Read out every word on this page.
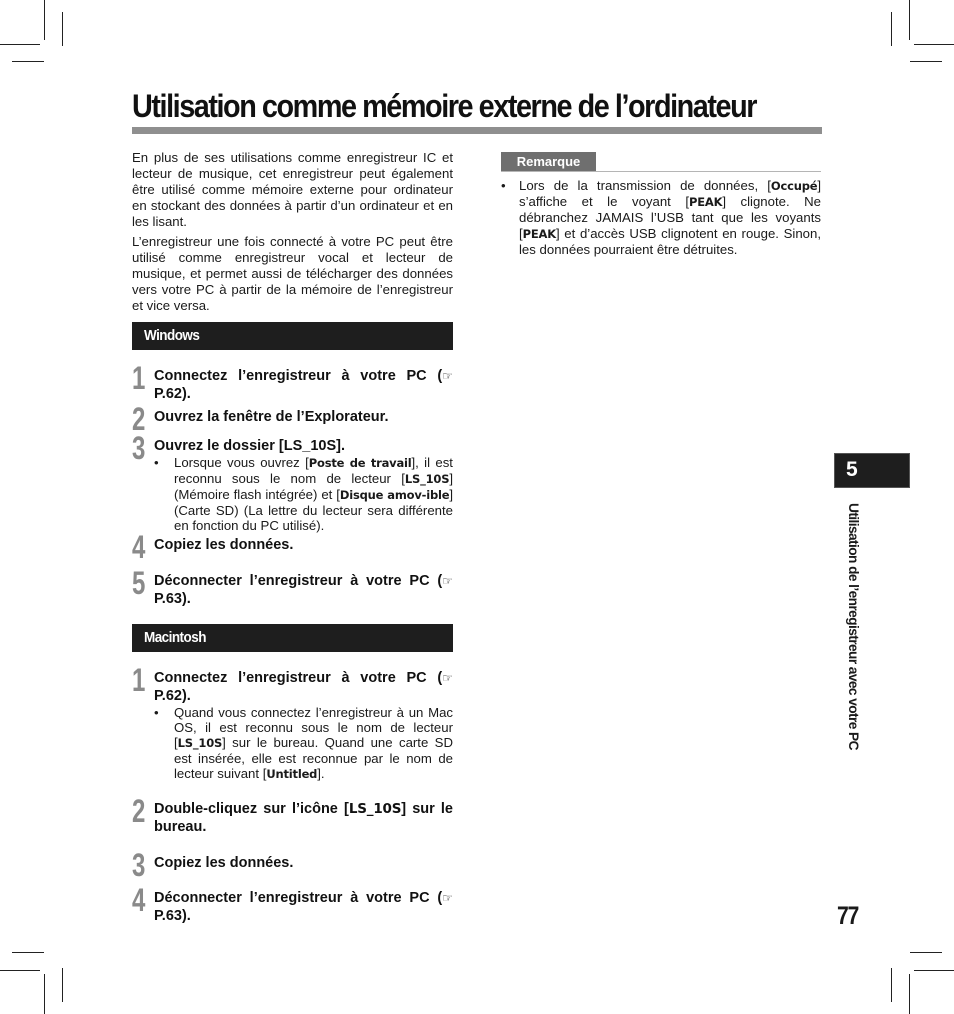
Utilisation comme mémoire externe de l’ordinateur

En plus de ses utilisations comme enregistreur IC et lecteur de musique, cet enregistreur peut également être utilisé comme mémoire externe pour ordinateur en stockant des données à partir d’un ordinateur et en les lisant.

L’enregistreur une fois connecté à votre PC peut être utilisé comme enregistreur vocal et lecteur de musique, et permet aussi de télécharger des données vers votre PC à partir de la mémoire de l’enregistreur et vice versa.

Windows
1 Connectez l’enregistreur à votre PC (☞ P.62).
2 Ouvrez la fenêtre de l’Explorateur.
3 Ouvrez le dossier [LS_10S].
• Lorsque vous ouvrez [Poste de travail], il est reconnu sous le nom de lecteur [LS_10S] (Mémoire flash intégrée) et [Disque amov-ible] (Carte SD) (La lettre du lecteur sera différente en fonction du PC utilisé).
4 Copiez les données.
5 Déconnecter l’enregistreur à votre PC (☞ P.63).
Macintosh
1 Connectez l’enregistreur à votre PC (☞ P.62).
• Quand vous connectez l’enregistreur à un Mac OS, il est reconnu sous le nom de lecteur [LS_10S] sur le bureau. Quand une carte SD est insérée, elle est reconnue par le nom de lecteur suivant [Untitled].
2 Double-cliquez sur l’icône [LS_10S] sur le bureau.
3 Copiez les données.
4 Déconnecter l’enregistreur à votre PC (☞ P.63).
Remarque
• Lors de la transmission de données, [Occupé] s’affiche et le voyant [PEAK] clignote. Ne débranchez JAMAIS l’USB tant que les voyants [PEAK] et d’accès USB clignotent en rouge. Sinon, les données pourraient être détruites.
5
Utilisation de l’enregistreur avec votre PC
77
